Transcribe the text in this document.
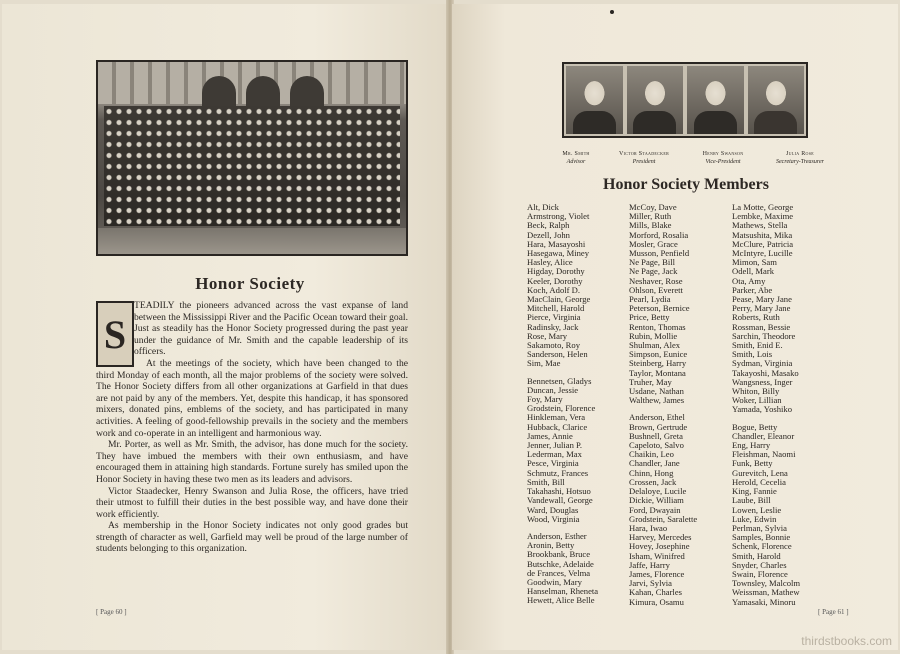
Honor Society
S

TEADILY the pioneers advanced across the vast expanse of land between the Mississippi River and the Pacific Ocean toward their goal. Just as steadily has the Honor Society progressed during the past year under the guidance of Mr. Smith and the capable leadership of its officers.

At the meetings of the society, which have been changed to the third Monday of each month, all the major problems of the society were solved. The Honor Society differs from all other organizations at Garfield in that dues are not paid by any of the members. Yet, despite this handicap, it has sponsored mixers, donated pins, emblems of the society, and has participated in many activities. A feeling of good-fellowship prevails in the society and the members work and co-operate in an intelligent and harmonious way.

Mr. Porter, as well as Mr. Smith, the advisor, has done much for the society. They have imbued the members with their own enthusiasm, and have encouraged them in attaining high standards. Fortune surely has smiled upon the Honor Society in having these two men as its leaders and advisors.

Victor Staadecker, Henry Swanson and Julia Rose, the officers, have tried their utmost to fulfill their duties in the best possible way, and have done their work efficiently.

As membership in the Honor Society indicates not only good grades but strength of character as well, Garfield may well be proud of the large number of students belonging to this organization.

[ Page 60 ]
Mr. Smith
Advisor
Victor Staadecker
President
Henry Swanson
Vice-President
Julia Rose
Secretary-Treasurer
Honor Society Members
Alt, Dick
Armstrong, Violet
Beck, Ralph
Dezell, John
Hara, Masayoshi
Hasegawa, Miney
Hasley, Alice
Higday, Dorothy
Keeler, Dorothy
Koch, Adolf D.
MacClain, George
Mitchell, Harold
Pierce, Virginia
Radinsky, Jack
Rose, Mary
Sakamoto, Roy
Sanderson, Helen
Sim, Mae
Bennetsen, Gladys
Duncan, Jessie
Foy, Mary
Grodstein, Florence
Hinkleman, Vera
Hubback, Clarice
James, Annie
Jenner, Julian P.
Lederman, Max
Pesce, Virginia
Schmutz, Frances
Smith, Bill
Takahashi, Hotsuo
Vandewall, George
Ward, Douglas
Wood, Virginia
Anderson, Esther
Aronin, Betty
Brookbank, Bruce
Butschke, Adelaide
de Frances, Velma
Goodwin, Mary
Hanselman, Rheneta
Hewett, Alice Belle
McCoy, Dave
Miller, Ruth
Mills, Blake
Morford, Rosalia
Mosler, Grace
Musson, Penfield
Ne Page, Bill
Ne Page, Jack
Neshaver, Rose
Ohlson, Everett
Pearl, Lydia
Peterson, Bernice
Price, Betty
Renton, Thomas
Rubin, Mollie
Shulman, Alex
Simpson, Eunice
Steinberg, Harry
Taylor, Montana
Truher, May
Usdane, Nathan
Walthew, James
Anderson, Ethel
Brown, Gertrude
Bushnell, Greta
Capeloto, Salvo
Chaikin, Leo
Chandler, Jane
Chinn, Hong
Crossen, Jack
Delaloye, Lucile
Dickie, William
Ford, Dwayain
Grodstein, Saralette
Hara, Iwao
Harvey, Mercedes
Hovey, Josephine
Isham, Winifred
Jaffe, Harry
James, Florence
Jarvi, Sylvia
Kahan, Charles
Kimura, Osamu
La Motte, George
Lembke, Maxime
Mathews, Stella
Matsushita, Mika
McClure, Patricia
McIntyre, Lucille
Mimon, Sam
Odell, Mark
Ota, Amy
Parker, Abe
Pease, Mary Jane
Perry, Mary Jane
Roberts, Ruth
Rossman, Bessie
Sarchin, Theodore
Smith, Enid E.
Smith, Lois
Sydman, Virginia
Takayoshi, Masako
Wangsness, Inger
Whiton, Billy
Woker, Lillian
Yamada, Yoshiko
Bogue, Betty
Chandler, Eleanor
Eng, Harry
Fleishman, Naomi
Funk, Betty
Gurevitch, Lena
Herold, Cecelia
King, Fannie
Laube, Bill
Lowen, Leslie
Luke, Edwin
Perlman, Sylvia
Samples, Bonnie
Schenk, Florence
Smith, Harold
Snyder, Charles
Swain, Florence
Townsley, Malcolm
Weissman, Mathew
Yamasaki, Minoru
[ Page 61 ]
thirdstbooks.com
